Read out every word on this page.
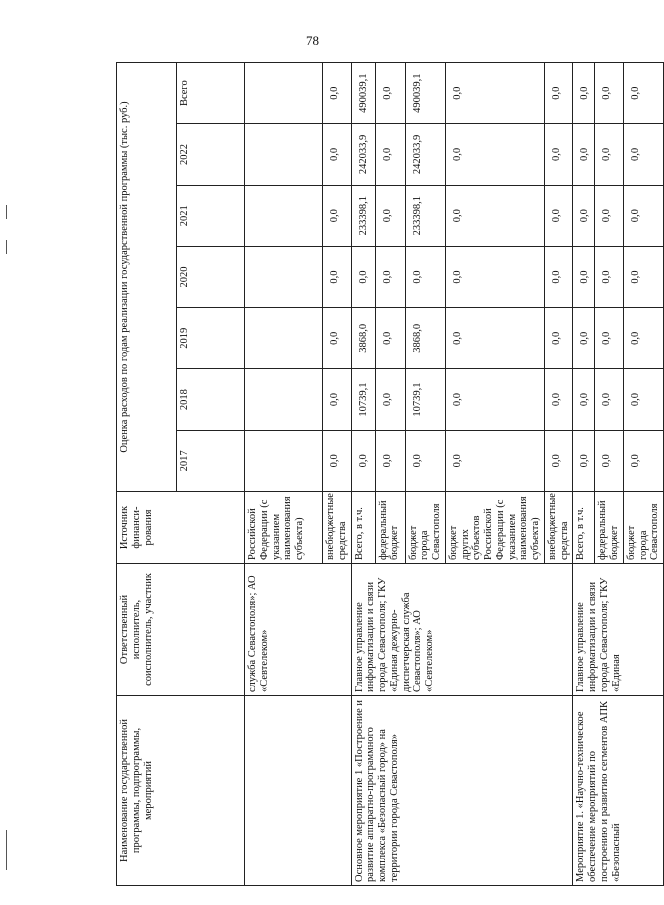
78
Наименование государственной программы, подпрограммы, мероприятий	Ответственный исполнитель, соисполнитель, участник	Источник финанси-рования	Оценка расходов по годам реализации государственной программы (тыс. руб.)						
			2017	2018	2019	2020	2021	2022	Всего
	служба Севастополя»; АО «Севтелеком»	Российской Федерации (с указанием наименования субъекта)							
		внебюджетные средства	0,0	0,0	0,0	0,0	0,0	0,0	0,0
Основное мероприятие 1 «Построение и развитие аппаратно-программного комплекса «Безопасный город» на территории города Севастополя»	Главное управление информатизации и связи города Севастополя; ГКУ «Единая дежурно-диспетчерская служба Севастополя»; АО «Севтелеком»	Всего, в т.ч.	0,0	10739,1	3868,0	0,0	233398,1	242033,9	490039,1
		федеральный бюджет	0,0	0,0	0,0	0,0	0,0	0,0	0,0
		бюджет города Севастополя	0,0	10739,1	3868,0	0,0	233398,1	242033,9	490039,1
		бюджет других субъектов Российской Федерации (с указанием наименования субъекта)	0,0	0,0	0,0	0,0	0,0	0,0	0,0
		внебюджетные средства	0,0	0,0	0,0	0,0	0,0	0,0	0,0
Мероприятие 1. «Научно-техническое обеспечение мероприятий по построению и развитию сегментов АПК «Безопасный	Главное управление информатизации и связи города Севастополя; ГКУ «Единая	Всего, в т.ч.	0,0	0,0	0,0	0,0	0,0	0,0	0,0
		федеральный бюджет	0,0	0,0	0,0	0,0	0,0	0,0	0,0
		бюджет города Севастополя	0,0	0,0	0,0	0,0	0,0	0,0	0,0
